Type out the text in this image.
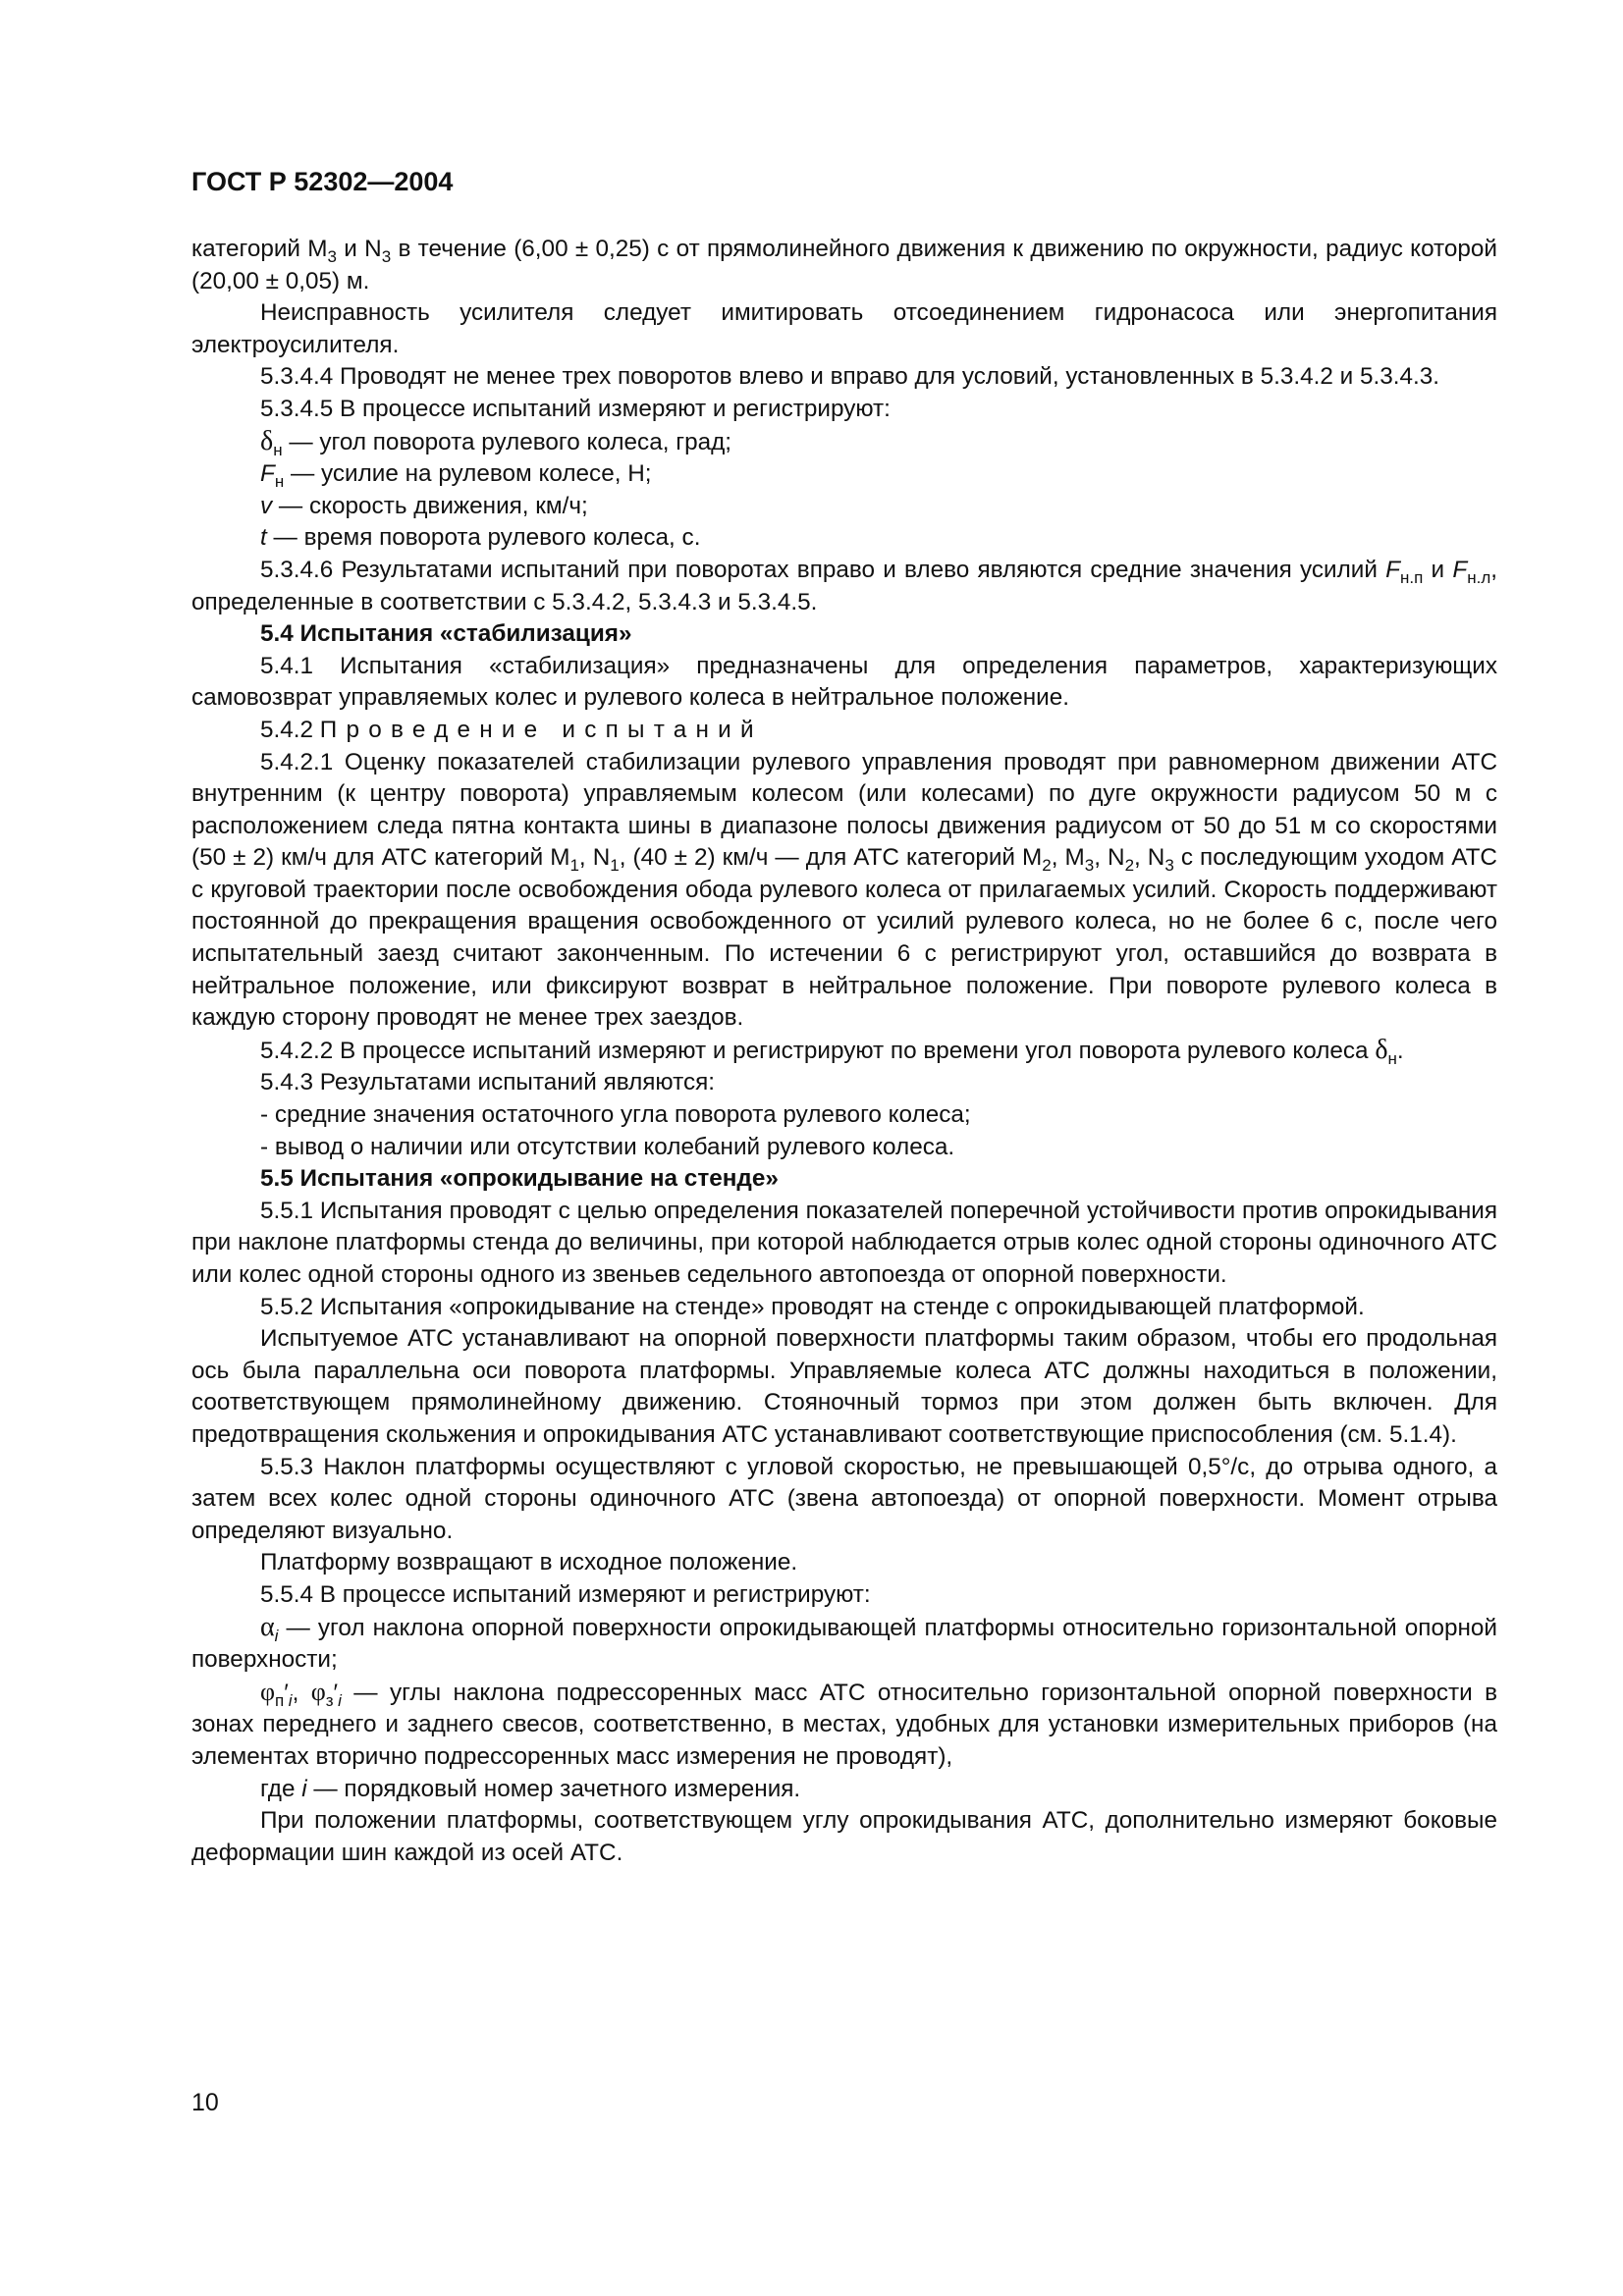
ГОСТ Р 52302—2004

категорий $M_3$ и $N_3$ в течение (6,00 ± 0,25) с от прямолинейного движения к движению по окружности, радиус которой (20,00 ± 0,05) м.

Неисправность усилителя следует имитировать отсоединением гидронасоса или энергопитания электроусилителя.

5.3.4.4 Проводят не менее трех поворотов влево и вправо для условий, установленных в 5.3.4.2 и 5.3.4.3.

5.3.4.5 В процессе испытаний измеряют и регистрируют:

$\delta_н$ — угол поворота рулевого колеса, град;

$F_н$ — усилие на рулевом колесе, Н;

v — скорость движения, км/ч;

t — время поворота рулевого колеса, с.

5.3.4.6 Результатами испытаний при поворотах вправо и влево являются средние значения усилий $F_{н.п}$ и $F_{н.л}$, определенные в соответствии с 5.3.4.2, 5.3.4.3 и 5.3.4.5.

5.4 Испытания «стабилизация»

5.4.1 Испытания «стабилизация» предназначены для определения параметров, характеризующих самовозврат управляемых колес и рулевого колеса в нейтральное положение.

5.4.2 Проведение испытаний

5.4.2.1 Оценку показателей стабилизации рулевого управления проводят при равномерном движении АТС внутренним (к центру поворота) управляемым колесом (или колесами) по дуге окружности радиусом 50 м с расположением следа пятна контакта шины в диапазоне полосы движения радиусом от 50 до 51 м со скоростями (50 ± 2) км/ч для АТС категорий $M_1$, $N_1$, (40 ± 2) км/ч — для АТС категорий $M_2$, $M_3$, $N_2$, $N_3$ с последующим уходом АТС с круговой траектории после освобождения обода рулевого колеса от прилагаемых усилий. Скорость поддерживают постоянной до прекращения вращения освобожденного от усилий рулевого колеса, но не более 6 с, после чего испытательный заезд считают законченным. По истечении 6 с регистрируют угол, оставшийся до возврата в нейтральное положение, или фиксируют возврат в нейтральное положение. При повороте рулевого колеса в каждую сторону проводят не менее трех заездов.

5.4.2.2 В процессе испытаний измеряют и регистрируют по времени угол поворота рулевого колеса $\delta_н$.

5.4.3 Результатами испытаний являются:

- средние значения остаточного угла поворота рулевого колеса;

- вывод о наличии или отсутствии колебаний рулевого колеса.

5.5 Испытания «опрокидывание на стенде»

5.5.1 Испытания проводят с целью определения показателей поперечной устойчивости против опрокидывания при наклоне платформы стенда до величины, при которой наблюдается отрыв колес одной стороны одиночного АТС или колес одной стороны одного из звеньев седельного автопоезда от опорной поверхности.

5.5.2 Испытания «опрокидывание на стенде» проводят на стенде с опрокидывающей платформой.

Испытуемое АТС устанавливают на опорной поверхности платформы таким образом, чтобы его продольная ось была параллельна оси поворота платформы. Управляемые колеса АТС должны находиться в положении, соответствующем прямолинейному движению. Стояночный тормоз при этом должен быть включен. Для предотвращения скольжения и опрокидывания АТС устанавливают соответствующие приспособления (см. 5.1.4).

5.5.3 Наклон платформы осуществляют с угловой скоростью, не превышающей 0,5°/с, до отрыва одного, а затем всех колес одной стороны одиночного АТС (звена автопоезда) от опорной поверхности. Момент отрыва определяют визуально.

Платформу возвращают в исходное положение.

5.5.4 В процессе испытаний измеряют и регистрируют:

$\alpha_i$ — угол наклона опорной поверхности опрокидывающей платформы относительно горизонтальной опорной поверхности;

$\varphi_п'_i$, $\varphi_з'_i$ — углы наклона подрессоренных масс АТС относительно горизонтальной опорной поверхности в зонах переднего и заднего свесов, соответственно, в местах, удобных для установки измерительных приборов (на элементах вторично подрессоренных масс измерения не проводят),

где i — порядковый номер зачетного измерения.

При положении платформы, соответствующем углу опрокидывания АТС, дополнительно измеряют боковые деформации шин каждой из осей АТС.

10
